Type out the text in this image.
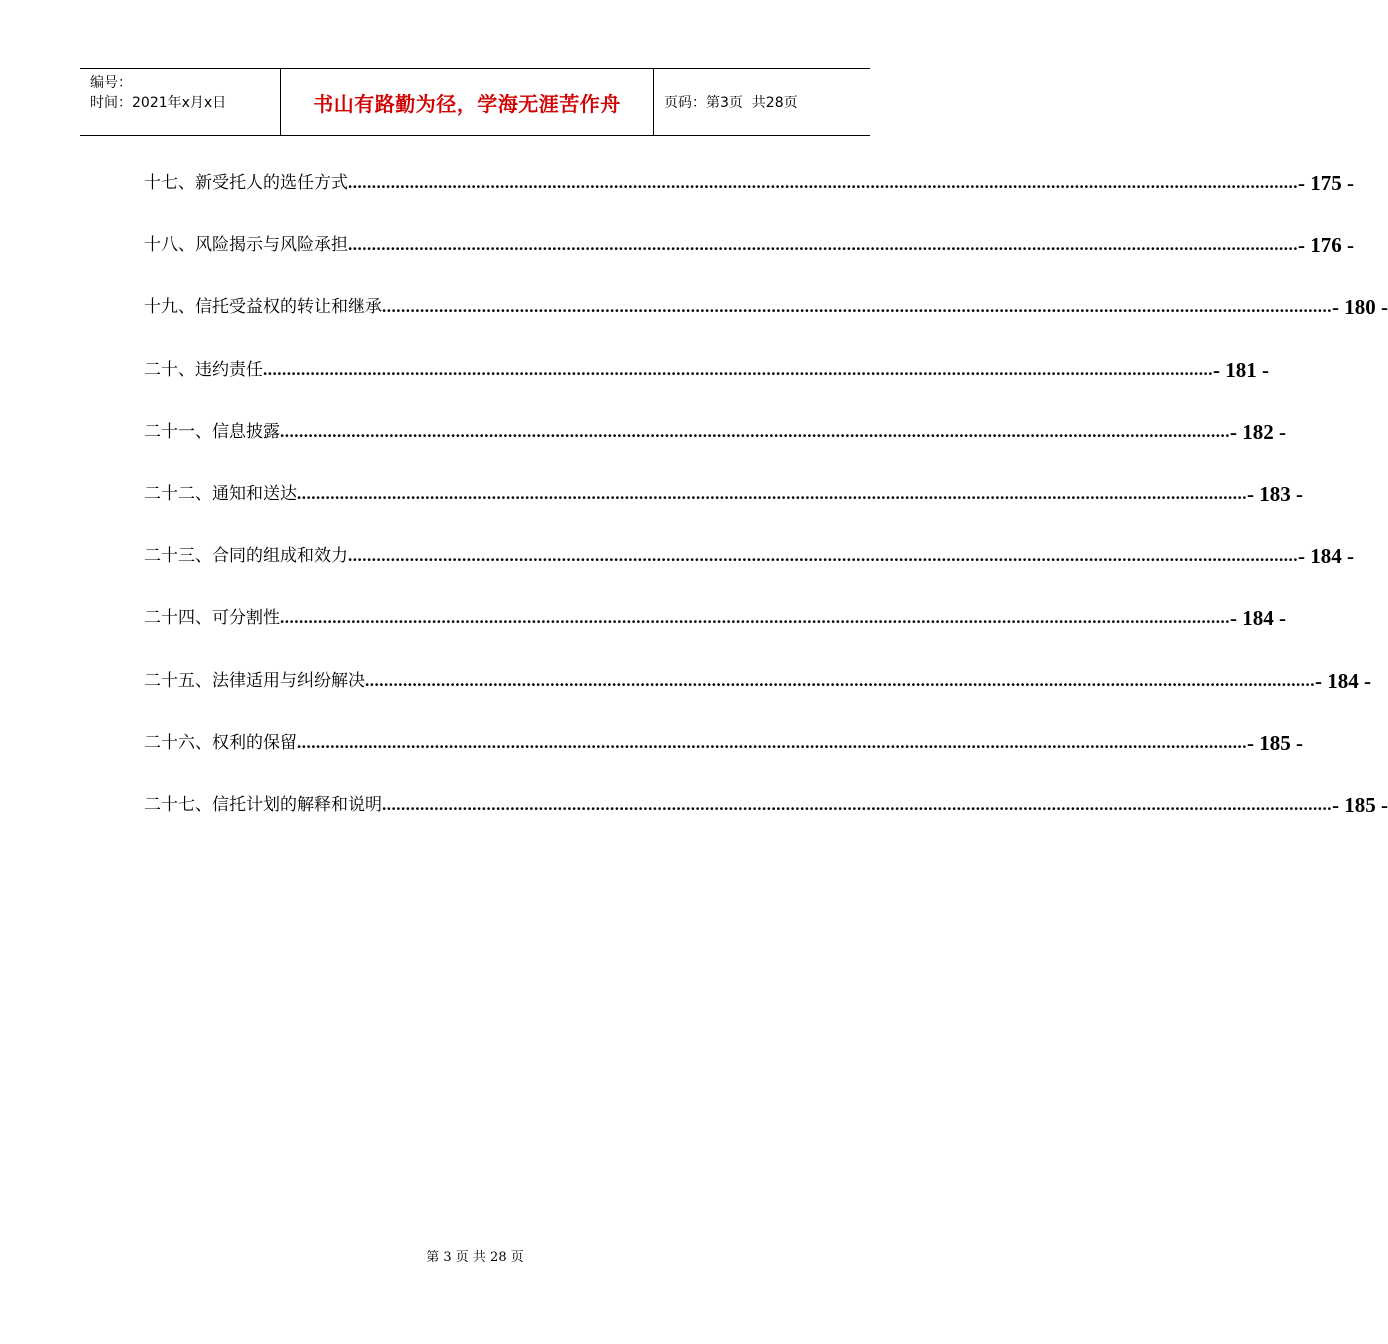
编号：
时间：2021年x月x日	书山有路勤为径，学海无涯苦作舟	页码：第3页  共28页
十七、新受托人的选任方式 ........................................................................................................................................................................................................ - 175 -
十八、风险揭示与风险承担 ........................................................................................................................................................................................................ - 176 -
十九、信托受益权的转让和继承 ........................................................................................................................................................................................................ - 180 -
二十、违约责任 ........................................................................................................................................................................................................ - 181 -
二十一、信息披露 ........................................................................................................................................................................................................ - 182 -
二十二、通知和送达 ........................................................................................................................................................................................................ - 183 -
二十三、合同的组成和效力 ........................................................................................................................................................................................................ - 184 -
二十四、可分割性 ........................................................................................................................................................................................................ - 184 -
二十五、法律适用与纠纷解决 ........................................................................................................................................................................................................ - 184 -
二十六、权利的保留 ........................................................................................................................................................................................................ - 185 -
二十七、信托计划的解释和说明 ........................................................................................................................................................................................................ - 185 -
第 3 页 共 28 页
